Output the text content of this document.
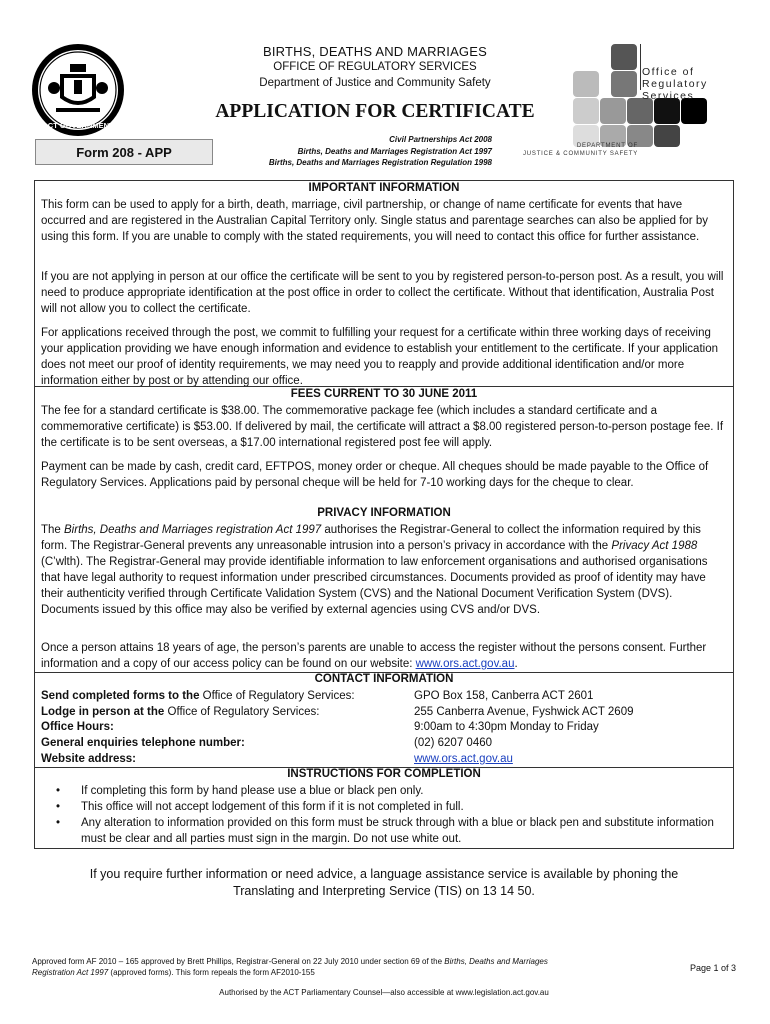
ACT GOVERNMENT
BIRTHS, DEATHS AND MARRIAGES
OFFICE OF REGULATORY SERVICES
Department of Justice and Community Safety
APPLICATION FOR CERTIFICATE
Civil Partnerships Act 2008
Births, Deaths and Marriages Registration Act 1997
Births, Deaths and Marriages Registration Regulation 1998
Form 208 - APP
Office of
Regulatory
Services
DEPARTMENT OF
JUSTICE & COMMUNITY SAFETY
IMPORTANT INFORMATION
This form can be used to apply for a birth, death, marriage, civil partnership, or change of name certificate for events that have occurred and are registered in the Australian Capital Territory only. Single status and parentage searches can also be applied for by using this form. If you are unable to comply with the stated requirements, you will need to contact this office for further assistance.
If you are not applying in person at our office the certificate will be sent to you by registered person-to-person post. As a result, you will need to produce appropriate identification at the post office in order to collect the certificate. Without that identification, Australia Post will not allow you to collect the certificate.
For applications received through the post, we commit to fulfilling your request for a certificate within three working days of receiving your application providing we have enough information and evidence to establish your entitlement to the certificate. If your application does not meet our proof of identity requirements, we may need you to reapply and provide additional identification and/or more information either by post or by attending our office.
FEES CURRENT TO 30 JUNE 2011
The fee for a standard certificate is $38.00. The commemorative package fee (which includes a standard certificate and a commemorative certificate) is $53.00. If delivered by mail, the certificate will attract a $8.00 registered person-to-person postage fee. If the certificate is to be sent overseas, a $17.00 international registered post fee will apply.
Payment can be made by cash, credit card, EFTPOS, money order or cheque. All cheques should be made payable to the Office of Regulatory Services. Applications paid by personal cheque will be held for 7-10 working days for the cheque to clear.
PRIVACY INFORMATION
The Births, Deaths and Marriages registration Act 1997 authorises the Registrar-General to collect the information required by this form. The Registrar-General prevents any unreasonable intrusion into a person’s privacy in accordance with the Privacy Act 1988 (C’wlth). The Registrar-General may provide identifiable information to law enforcement organisations and authorised organisations that have legal authority to request information under prescribed circumstances. Documents provided as proof of identity may have their authenticity verified through Certificate Validation System (CVS) and the National Document Verification System (DVS). Documents issued by this office may also be verified by external agencies using CVS and/or DVS.
Once a person attains 18 years of age, the person’s parents are unable to access the register without the persons consent. Further information and a copy of our access policy can be found on our website: www.ors.act.gov.au.
CONTACT INFORMATION
Send completed forms to the Office of Regulatory Services:	GPO Box 158, Canberra ACT 2601
Lodge in person at the Office of Regulatory Services:	255 Canberra Avenue, Fyshwick ACT 2609
Office Hours:	9:00am to 4:30pm Monday to Friday
General enquiries telephone number:	(02) 6207 0460
Website address:	www.ors.act.gov.au
INSTRUCTIONS FOR COMPLETION
• If completing this form by hand please use a blue or black pen only.
• This office will not accept lodgement of this form if it is not completed in full.
• Any alteration to information provided on this form must be struck through with a blue or black pen and substitute information must be clear and all parties must sign in the margin. Do not use white out.
If you require further information or need advice, a language assistance service is available by phoning the Translating and Interpreting Service (TIS) on 13 14 50.
Approved form AF 2010 – 165 approved by Brett Phillips, Registrar-General on 22 July 2010 under section 69 of the Births, Deaths and Marriages Registration Act 1997 (approved forms). This form repeals the form AF2010-155	Page 1 of 3
Authorised by the ACT Parliamentary Counsel—also accessible at www.legislation.act.gov.au
